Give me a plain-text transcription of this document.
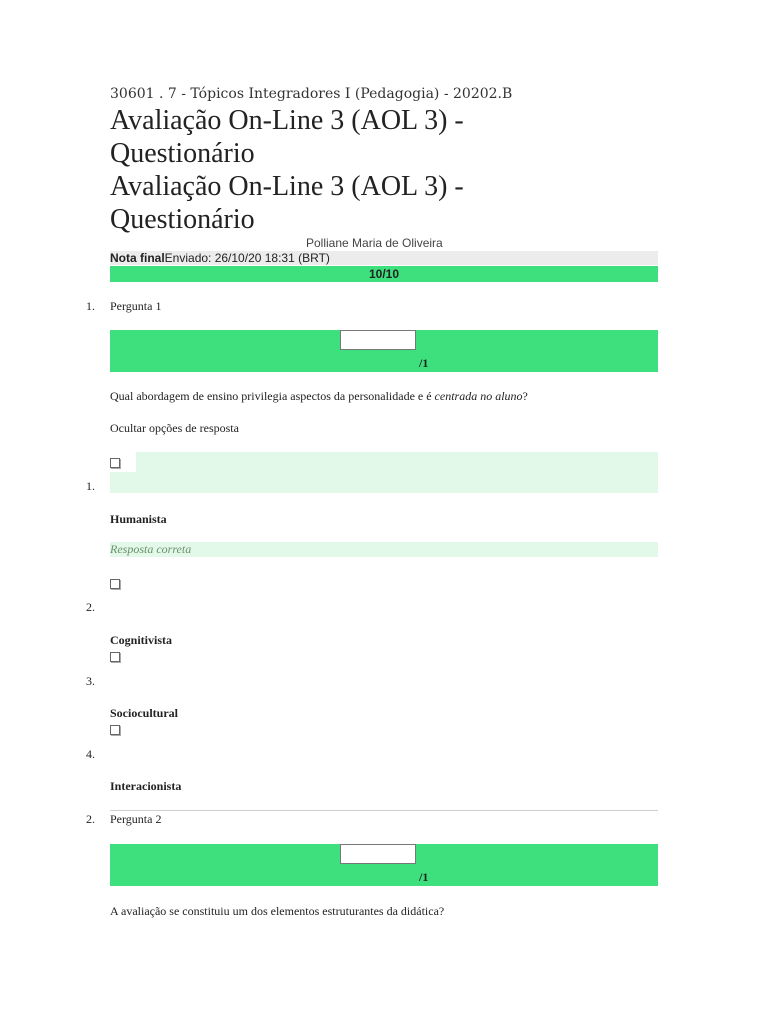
30601 . 7 - Tópicos Integradores I (Pedagogia) - 20202.B
Avaliação On-Line 3 (AOL 3) -
Questionário
Avaliação On-Line 3 (AOL 3) -
Questionário
Polliane Maria de Oliveira
Nota finalEnviado: 26/10/20 18:31 (BRT)
10/10
1. Pergunta 1
/1
Qual abordagem de ensino privilegia aspectos da personalidade e é centrada no aluno?
Ocultar opções de resposta
1.
Humanista
Resposta correta
2.
Cognitivista
3.
Sociocultural
4.
Interacionista
2. Pergunta 2
/1
A avaliação se constituiu um dos elementos estruturantes da didática?
